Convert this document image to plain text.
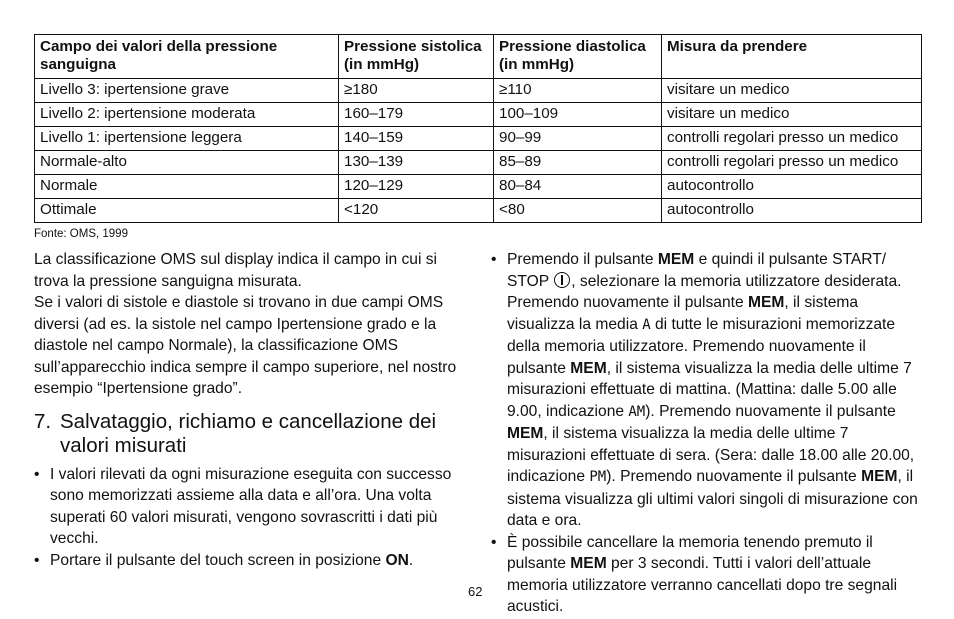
Campo dei valori della pressione sanguigna	Pressione sistolica (in mmHg)	Pressione diastolica (in mmHg)	Misura da prendere
Livello 3: ipertensione grave	≥180	≥110	visitare un medico
Livello 2: ipertensione moderata	160–179	100–109	visitare un medico
Livello 1: ipertensione leggera	140–159	90–99	controlli regolari presso un medico
Normale-alto	130–139	85–89	controlli regolari presso un medico
Normale	120–129	80–84	autocontrollo
Ottimale	<120	<80	autocontrollo
Fonte: OMS, 1999

La classificazione OMS sul display indica il campo in cui si trova la pressione sanguigna misurata.

Se i valori di sistole e diastole si trovano in due campi OMS diversi (ad es. la sistole nel campo Ipertensione grado e la diastole nel campo Normale), la classificazione OMS sull’apparecchio indica sempre il campo superiore, nel nostro esempio “Ipertensione grado”.

7. Salvataggio, richiamo e cancellazione dei valori misurati
• I valori rilevati da ogni misurazione eseguita con successo sono memorizzati assieme alla data e all’ora. Una volta superati 60 valori misurati, vengono sovrascritti i dati più vecchi.
• Portare il pulsante del touch screen in posizione ON.
• Premendo il pulsante MEM e quindi il pulsante START/ STOP , selezionare la memoria utilizzatore desiderata. Premendo nuovamente il pulsante MEM, il sistema visualizza la media A di tutte le misurazioni memorizzate della memoria utilizzatore. Premendo nuovamente il pulsante MEM, il sistema visualizza la media delle ultime 7 misurazioni effettuate di mattina. (Mattina: dalle 5.00 alle 9.00, indicazione AM). Premendo nuovamente il pulsante MEM, il sistema visualizza la media delle ultime 7 misurazioni effettuate di sera. (Sera: dalle 18.00 alle 20.00, indicazione PM). Premendo nuovamente il pulsante MEM, il sistema visualizza gli ultimi valori singoli di misurazione con data e ora.
• È possibile cancellare la memoria tenendo premuto il pulsante MEM per 3 secondi. Tutti i valori dell’attuale memoria utilizzatore verranno cancellati dopo tre segnali acustici.
62
